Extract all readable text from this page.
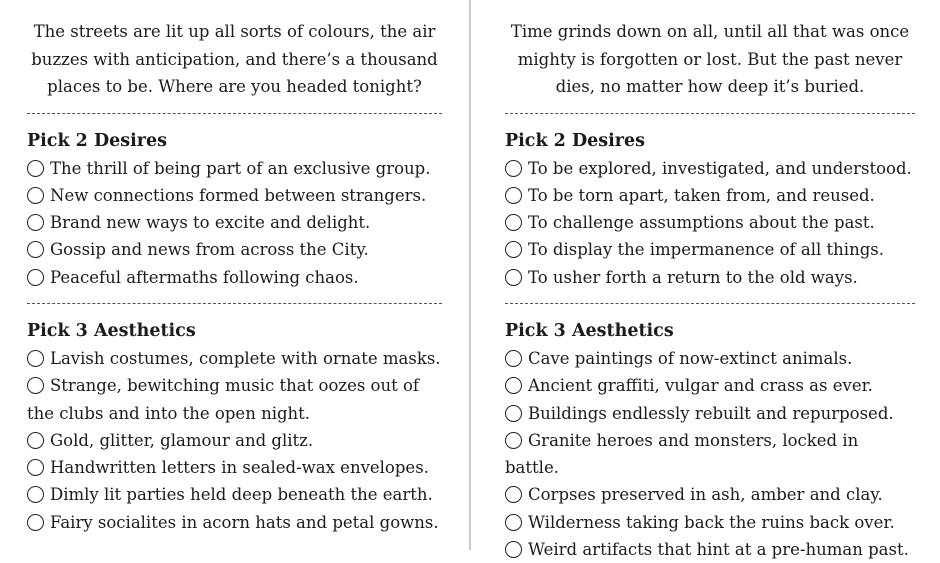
The streets are lit up all sorts of colours, the air buzzes with anticipation, and there’s a thousand places to be. Where are you headed tonight?

Pick 2 Desires
The thrill of being part of an exclusive group.
New connections formed between strangers.
Brand new ways to excite and delight.
Gossip and news from across the City.
Peaceful aftermaths following chaos.
Pick 3 Aesthetics
Lavish costumes, complete with ornate masks.
Strange, bewitching music that oozes out of the clubs and into the open night.
Gold, glitter, glamour and glitz.
Handwritten letters in sealed-wax envelopes.
Dimly lit parties held deep beneath the earth.
Fairy socialites in acorn hats and petal gowns.

Time grinds down on all, until all that was once mighty is forgotten or lost. But the past never dies, no matter how deep it’s buried.

Pick 2 Desires
To be explored, investigated, and understood.
To be torn apart, taken from, and reused.
To challenge assumptions about the past.
To display the impermanence of all things.
To usher forth a return to the old ways.
Pick 3 Aesthetics
Cave paintings of now-extinct animals.
Ancient graffiti, vulgar and crass as ever.
Buildings endlessly rebuilt and repurposed.
Granite heroes and monsters, locked in battle.
Corpses preserved in ash, amber and clay.
Wilderness taking back the ruins back over.
Weird artifacts that hint at a pre-human past.
